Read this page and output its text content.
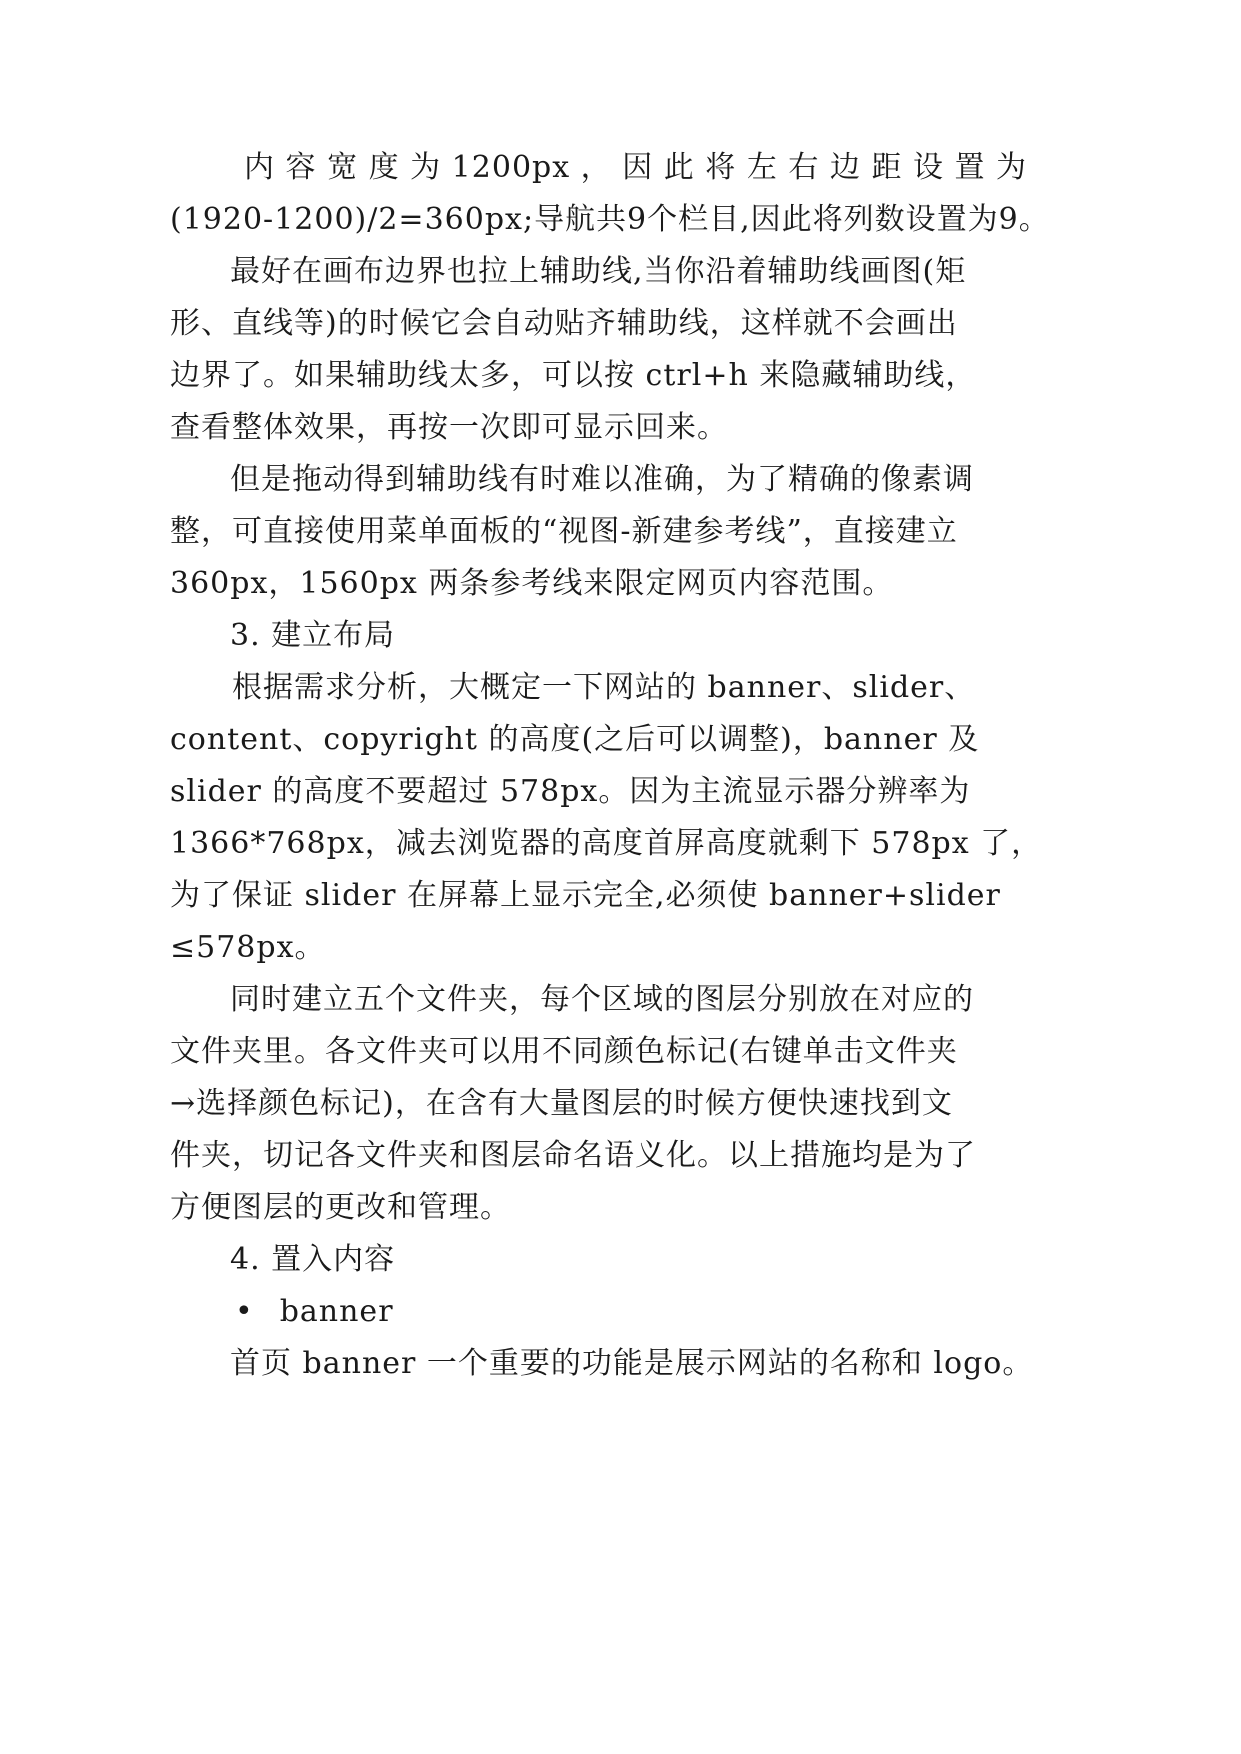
内 容 宽 度 为 1200px ， 因 此 将 左 右 边 距 设 置 为
(1920-1200)/2=360px;导航共9个栏目,因此将列数设置为9。
最好在画布边界也拉上辅助线,当你沿着辅助线画图(矩
形、直线等)的时候它会自动贴齐辅助线，这样就不会画出
边界了。如果辅助线太多，可以按 ctrl+h 来隐藏辅助线，
查看整体效果，再按一次即可显示回来。
但是拖动得到辅助线有时难以准确，为了精确的像素调
整，可直接使用菜单面板的“视图-新建参考线”，直接建立
360px，1560px 两条参考线来限定网页内容范围。
3. 建立布局
根据需求分析，大概定一下网站的 banner、slider、
content、copyright 的高度(之后可以调整)，banner 及
slider 的高度不要超过 578px。因为主流显示器分辨率为
1366*768px，减去浏览器的高度首屏高度就剩下 578px 了，
为了保证 slider 在屏幕上显示完全,必须使 banner+slider
≤578px。
同时建立五个文件夹，每个区域的图层分别放在对应的
文件夹里。各文件夹可以用不同颜色标记(右键单击文件夹
→选择颜色标记)，在含有大量图层的时候方便快速找到文
件夹，切记各文件夹和图层命名语义化。以上措施均是为了
方便图层的更改和管理。
4. 置入内容
• banner
首页 banner 一个重要的功能是展示网站的名称和 logo。
